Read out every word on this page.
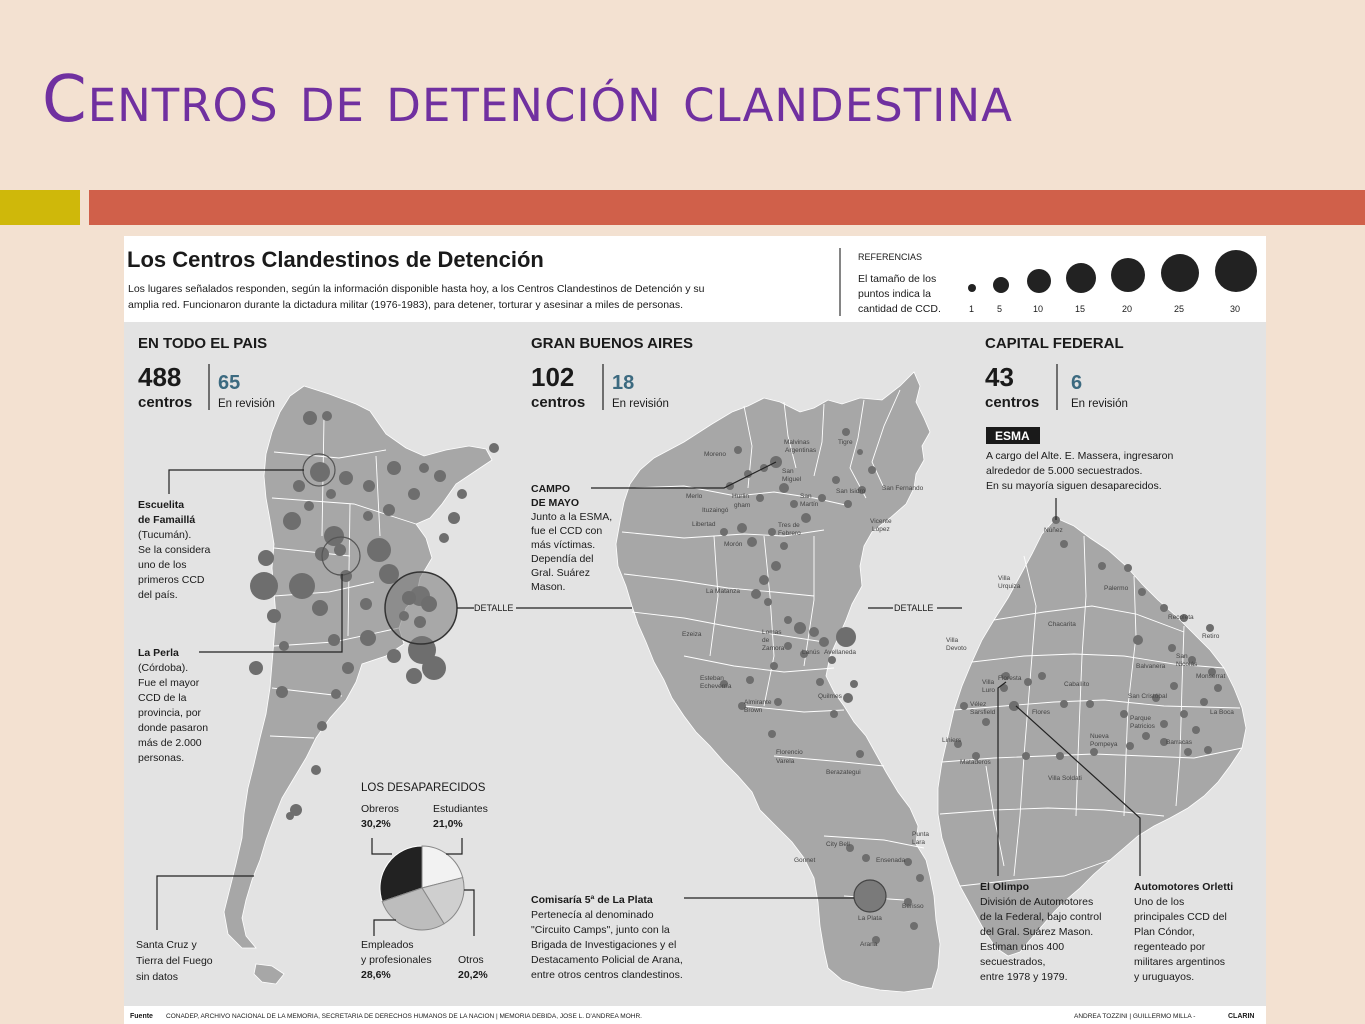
Centros de detención clandestina
Los Centros Clandestinos de Detención
Los lugares señalados responden, según la información disponible hasta hoy, a los Centros Clandestinos de Detención y su
amplia red. Funcionaron durante la dictadura militar (1976-1983), para detener, torturar y asesinar a miles de personas.
REFERENCIAS
El tamaño de los
puntos indica la
cantidad de CCD.	1	5	10	15	20	25	30
EN TODO EL PAIS
488
centros
65
En revisión
Escuelita
de Famaillá
(Tucumán).
Se la considera
uno de los
primeros CCD
del país.
La Perla
(Córdoba).
Fue el mayor
CCD de la
provincia, por
donde pasaron
más de 2.000
personas.
Santa Cruz y
Tierra del Fuego
sin datos
DETALLE
LOS DESAPARECIDOS
Obreros
30,2%
Estudiantes
21,0%
Empleados
y profesionales
28,6%
Otros
20,2%
Malvinas
Argentinas
Tigre
Moreno
San
Miguel
Merlo	Hurlin
gham
Ituzaingó
San
Martín
San Isidro	San Fernando
Libertad
Morón
Tres de
Febrero
Vicente
López
La Matanza
Ezeiza	Lomas
de
Zamora
Lanús Avellaneda
Esteban
Echeverría
Quilmes
Almirante
Brown
Florencio
Varela
Berazategui
City Bell
Gonnet
Punta
Lara
Ensenada
Berisso
La Plata
Arana
GRAN BUENOS AIRES
102
centros
18
En revisión
CAMPO
DE MAYO
Junto a la ESMA,
fue el CCD con
más víctimas.
Dependía del
Gral. Suárez
Mason.
Comisaría 5ª de La Plata
Pertenecía al denominado
"Circuito Camps", junto con la
Brigada de Investigaciones y el
Destacamento Policial de Arana,
entre otros centros clandestinos.
DETALLE
Núñez
Villa
Urquiza	Palermo
Chacarita
Recoleta
Retiro
Villa
Devoto
Balvanera
San
Nicolás
Monserrat
Caballito
Villa
Luro
Floresta
Vélez
Sarsfield	Flores
San Cristóbal
Parque
Patricios
La Boca
Liniers
Nueva
Pompeya	Barracas
Mataderos
Villa Soldati
CAPITAL FEDERAL
43
centros
6
En revisión
ESMA
A cargo del Alte. E. Massera, ingresaron
alrededor de 5.000 secuestrados.
En su mayoría siguen desaparecidos.
El Olimpo
División de Automotores
de la Federal, bajo control
del Gral. Suárez Mason.
Estiman unos 400
secuestrados,
entre 1978 y 1979.
Automotores Orletti
Uno de los
principales CCD del
Plan Cóndor,
regenteado por
militares argentinos
y uruguayos.
Fuente CONADEP, ARCHIVO NACIONAL DE LA MEMORIA, SECRETARIA DE DERECHOS HUMANOS DE LA NACION | MEMORIA DEBIDA, JOSE L. D'ANDREA MOHR.	ANDREA TOZZINI | GUILLERMO MILLA -	CLARIN
